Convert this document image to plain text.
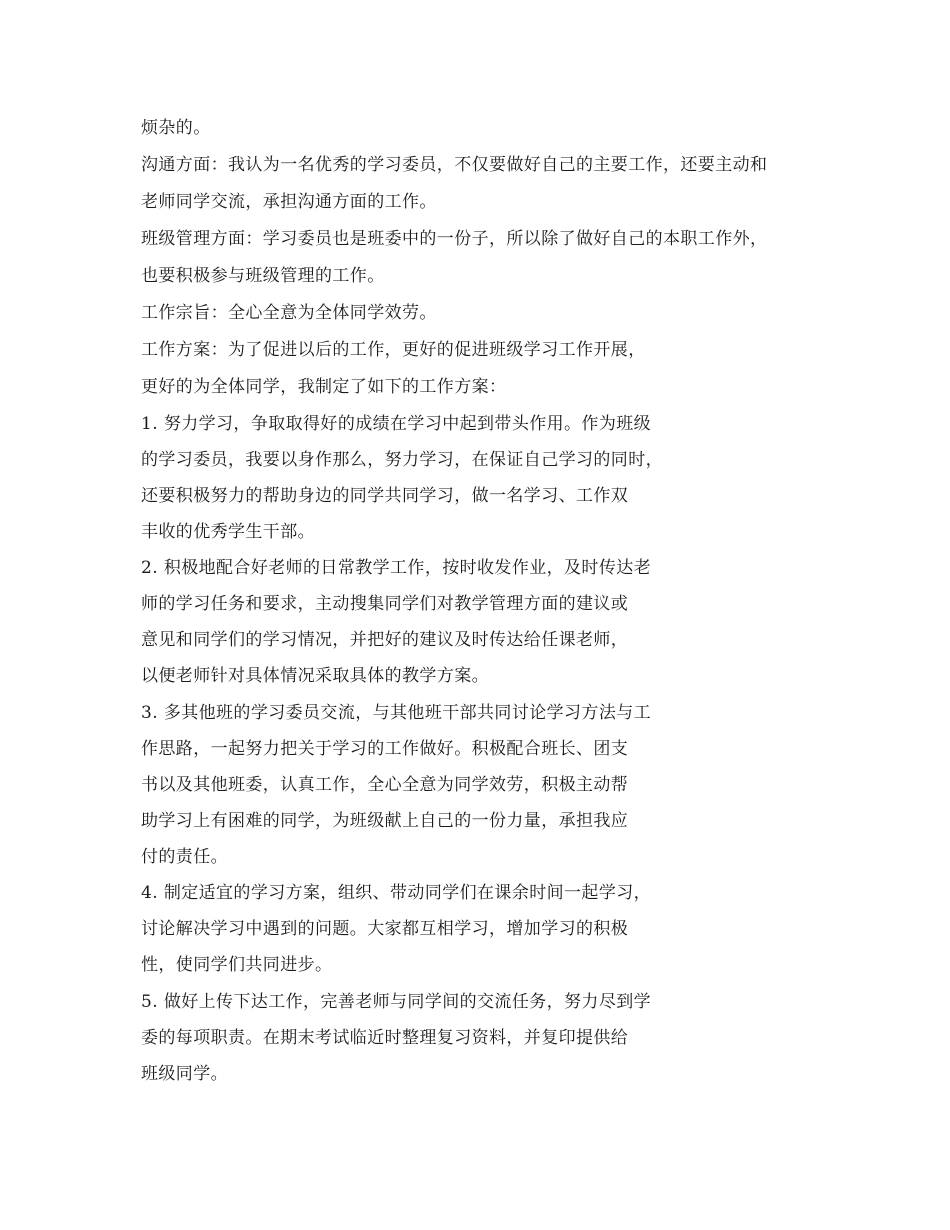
烦杂的。
沟通方面：我认为一名优秀的学习委员，不仅要做好自己的主要工作，还要主动和
老师同学交流，承担沟通方面的工作。
班级管理方面：学习委员也是班委中的一份子，所以除了做好自己的本职工作外，
也要积极参与班级管理的工作。
工作宗旨：全心全意为全体同学效劳。
工作方案：为了促进以后的工作，更好的促进班级学习工作开展，
更好的为全体同学，我制定了如下的工作方案：
1. 努力学习，争取取得好的成绩在学习中起到带头作用。作为班级
的学习委员，我要以身作那么，努力学习，在保证自己学习的同时，
还要积极努力的帮助身边的同学共同学习，做一名学习、工作双
丰收的优秀学生干部。
2. 积极地配合好老师的日常教学工作，按时收发作业，及时传达老
师的学习任务和要求，主动搜集同学们对教学管理方面的建议或
意见和同学们的学习情况，并把好的建议及时传达给任课老师，
以便老师针对具体情况采取具体的教学方案。
3. 多其他班的学习委员交流，与其他班干部共同讨论学习方法与工
作思路，一起努力把关于学习的工作做好。积极配合班长、团支
书以及其他班委，认真工作，全心全意为同学效劳，积极主动帮
助学习上有困难的同学，为班级献上自己的一份力量，承担我应
付的责任。
4. 制定适宜的学习方案，组织、带动同学们在课余时间一起学习，
讨论解决学习中遇到的问题。大家都互相学习，增加学习的积极
性，使同学们共同进步。
5. 做好上传下达工作，完善老师与同学间的交流任务，努力尽到学
委的每项职责。在期末考试临近时整理复习资料，并复印提供给
班级同学。
